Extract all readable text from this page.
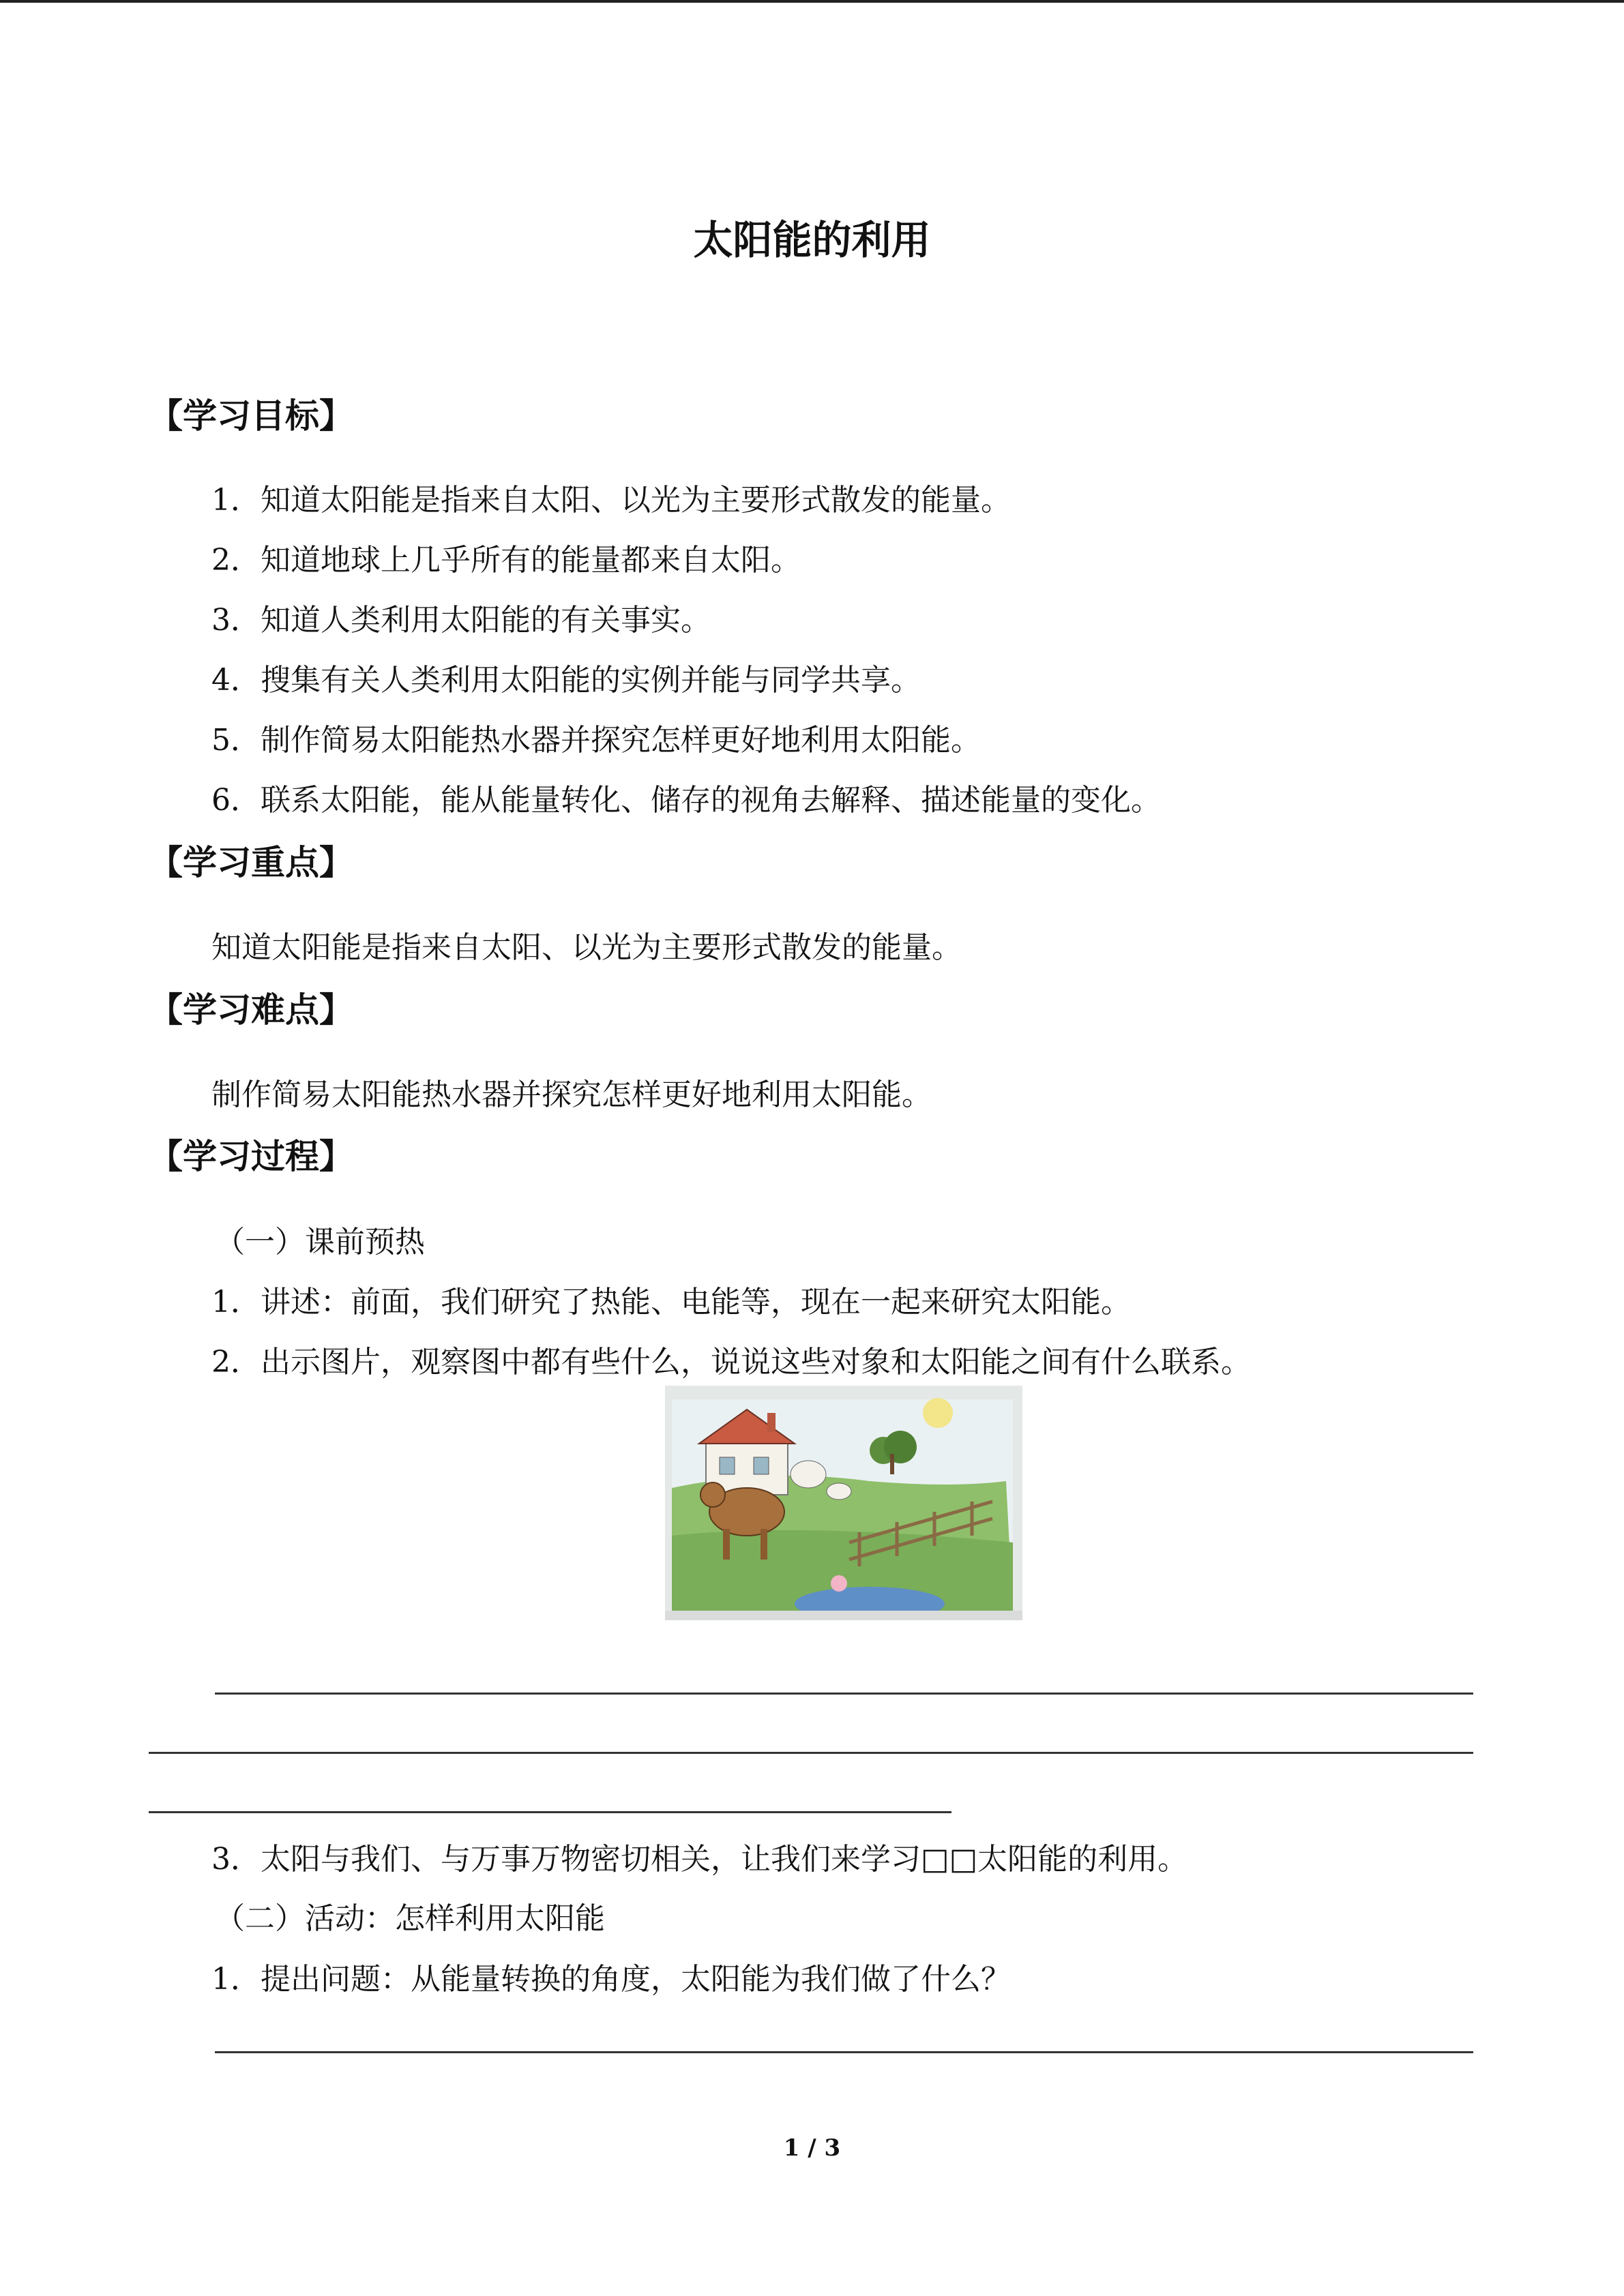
太阳能的利用
【学习目标】
1．知道太阳能是指来自太阳、以光为主要形式散发的能量。
2．知道地球上几乎所有的能量都来自太阳。
3．知道人类利用太阳能的有关事实。
4．搜集有关人类利用太阳能的实例并能与同学共享。
5．制作简易太阳能热水器并探究怎样更好地利用太阳能。
6．联系太阳能，能从能量转化、储存的视角去解释、描述能量的变化。
【学习重点】
知道太阳能是指来自太阳、以光为主要形式散发的能量。
【学习难点】
制作简易太阳能热水器并探究怎样更好地利用太阳能。
【学习过程】
（一）课前预热
1．讲述：前面，我们研究了热能、电能等，现在一起来研究太阳能。
2．出示图片，观察图中都有些什么，说说这些对象和太阳能之间有什么联系。
3．太阳与我们、与万事万物密切相关，让我们来学习□□太阳能的利用。
（二）活动：怎样利用太阳能
1．提出问题：从能量转换的角度，太阳能为我们做了什么？
1 / 3
